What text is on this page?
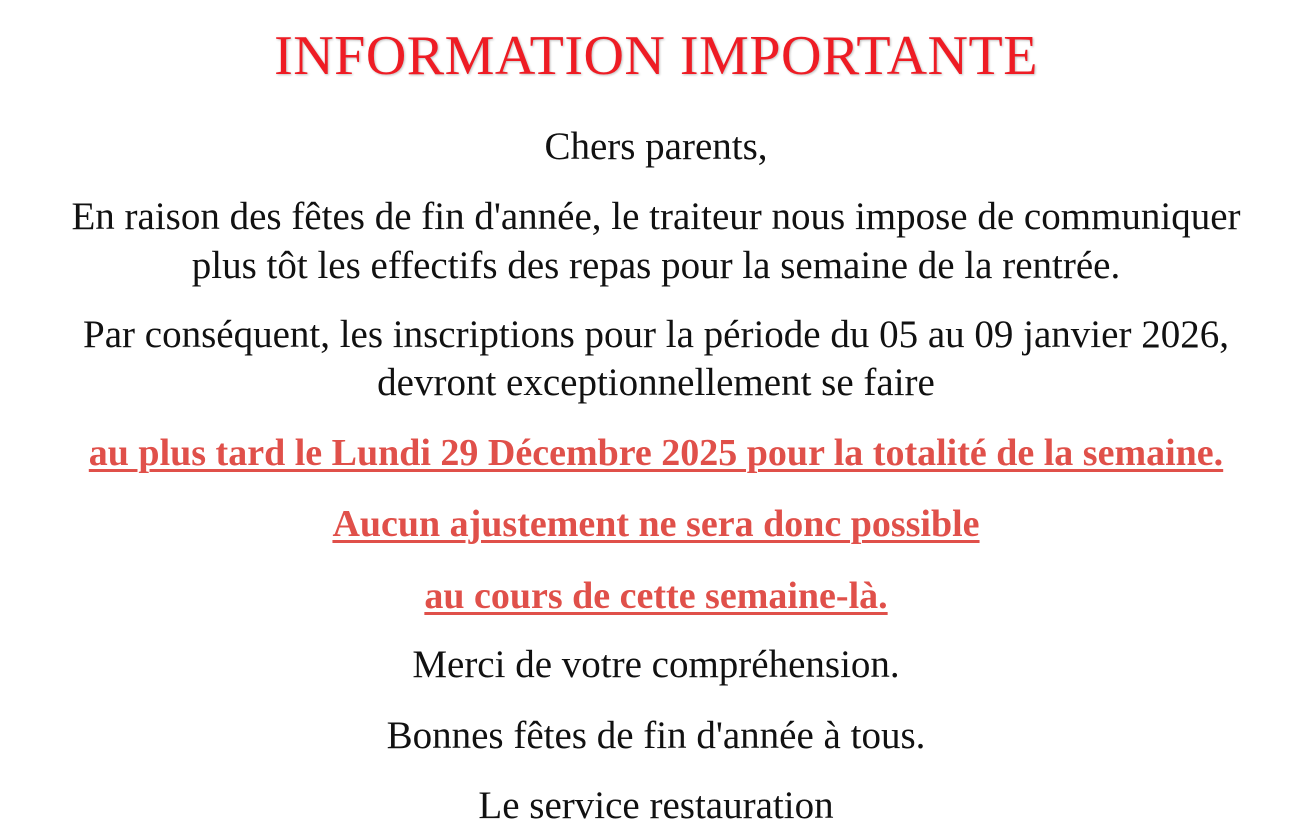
INFORMATION IMPORTANTE
Chers parents,
En raison des fêtes de fin d'année, le traiteur nous impose de communiquer
plus tôt les effectifs des repas pour la semaine de la rentrée.
Par conséquent, les inscriptions pour la période du 05 au 09 janvier 2026,
devront exceptionnellement se faire
au plus tard le Lundi 29 Décembre 2025 pour la totalité de la semaine.
Aucun ajustement ne sera donc possible
au cours de cette semaine-là.
Merci de votre compréhension.
Bonnes fêtes de fin d'année à tous.
Le service restauration
